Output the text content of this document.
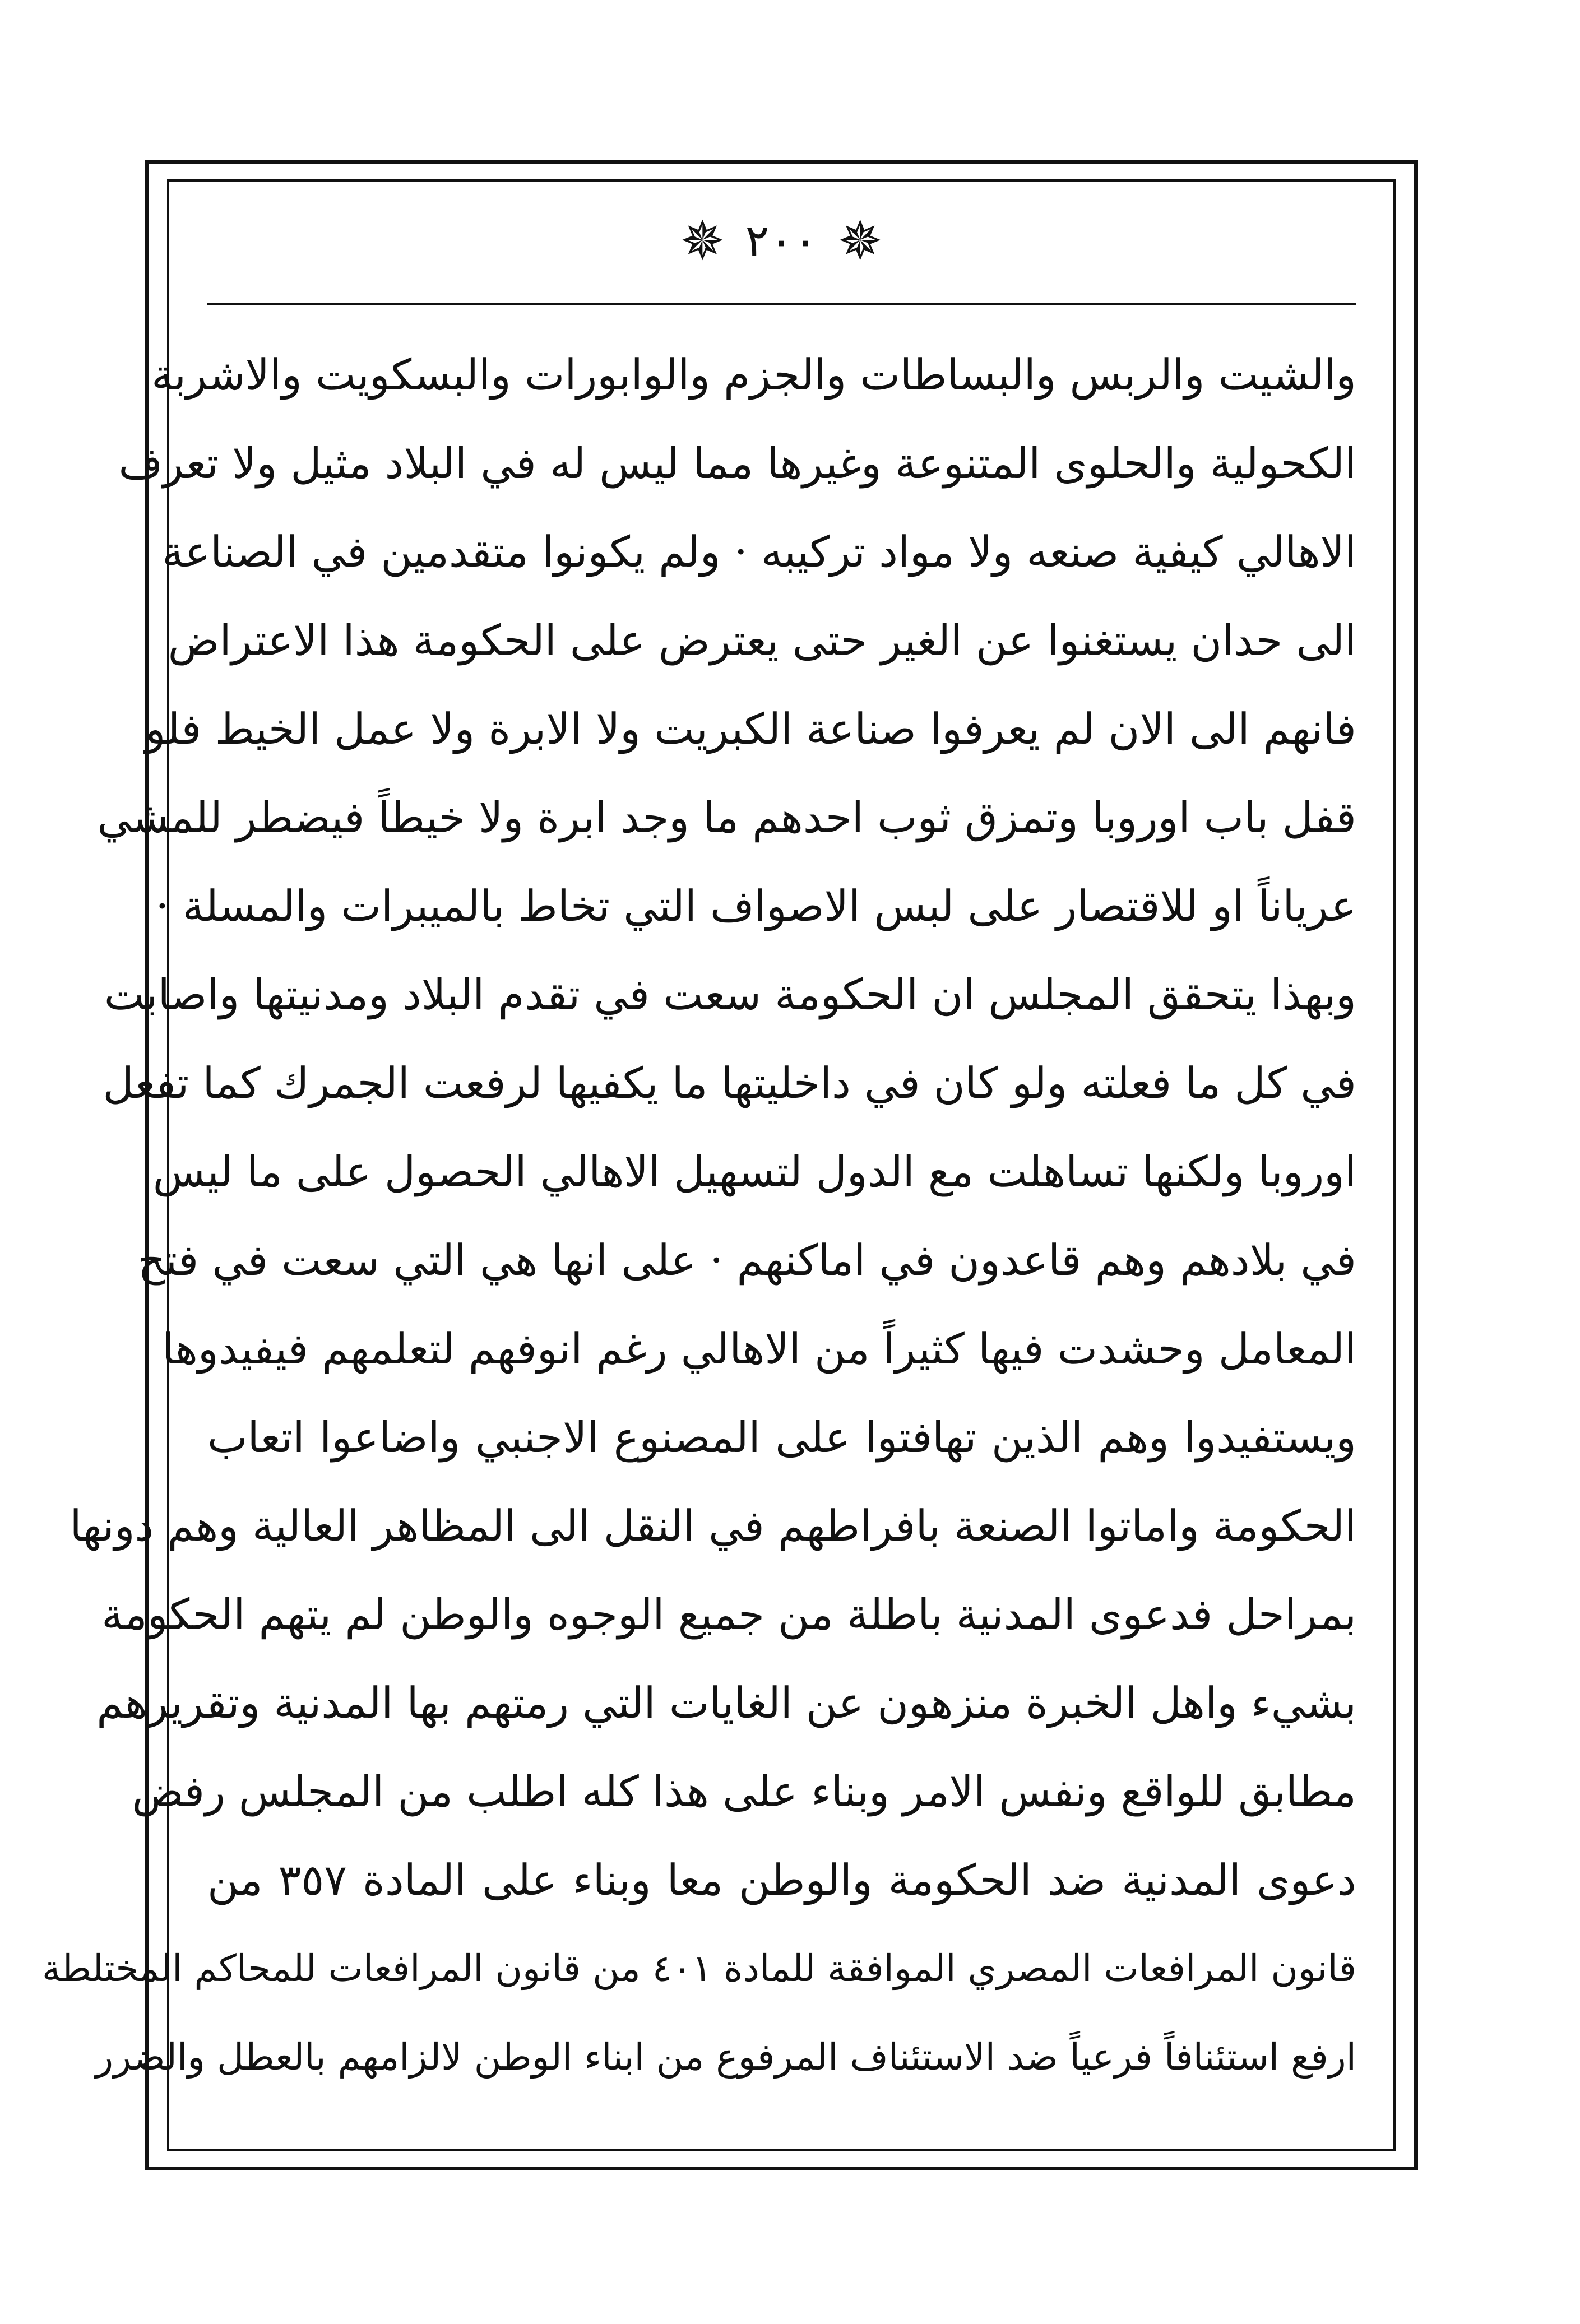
✵ ٢٠٠ ✵
والشيت والربس والبساطات والجزم والوابورات والبسكويت والاشربة
الكحولية والحلوى المتنوعة وغيرها مما ليس له في البلاد مثيل ولا تعرف
الاهالي كيفية صنعه ولا مواد تركيبه · ولم يكونوا متقدمين في الصناعة
الى حدان يستغنوا عن الغير حتى يعترض على الحكومة هذا الاعتراض
فانهم الى الان لم يعرفوا صناعة الكبريت ولا الابرة ولا عمل الخيط فلو
قفل باب اوروبا وتمزق ثوب احدهم ما وجد ابرة ولا خيطاً فيضطر للمشي
عرياناً او للاقتصار على لبس الاصواف التي تخاط بالميبرات والمسلة ·
وبهذا يتحقق المجلس ان الحكومة سعت في تقدم البلاد ومدنيتها واصابت
في كل ما فعلته ولو كان في داخليتها ما يكفيها لرفعت الجمرك كما تفعل
اوروبا ولكنها تساهلت مع الدول لتسهيل الاهالي الحصول على ما ليس
في بلادهم وهم قاعدون في اماكنهم · على انها هي التي سعت في فتح
المعامل وحشدت فيها كثيراً من الاهالي رغم انوفهم لتعلمهم فيفيدوها
ويستفيدوا وهم الذين تهافتوا على المصنوع الاجنبي واضاعوا اتعاب
الحكومة واماتوا الصنعة بافراطهم في النقل الى المظاهر العالية وهم دونها
بمراحل فدعوى المدنية باطلة من جميع الوجوه والوطن لم يتهم الحكومة
بشيء واهل الخبرة منزهون عن الغايات التي رمتهم بها المدنية وتقريرهم
مطابق للواقع ونفس الامر وبناء على هذا كله اطلب من المجلس رفض
دعوى المدنية ضد الحكومة والوطن معا وبناء على المادة ٣٥٧ من
قانون المرافعات المصري الموافقة للمادة ٤٠١ من قانون المرافعات للمحاكم المختلطة
ارفع استئنافاً فرعياً ضد الاستئناف المرفوع من ابناء الوطن لالزامهم بالعطل والضرر
